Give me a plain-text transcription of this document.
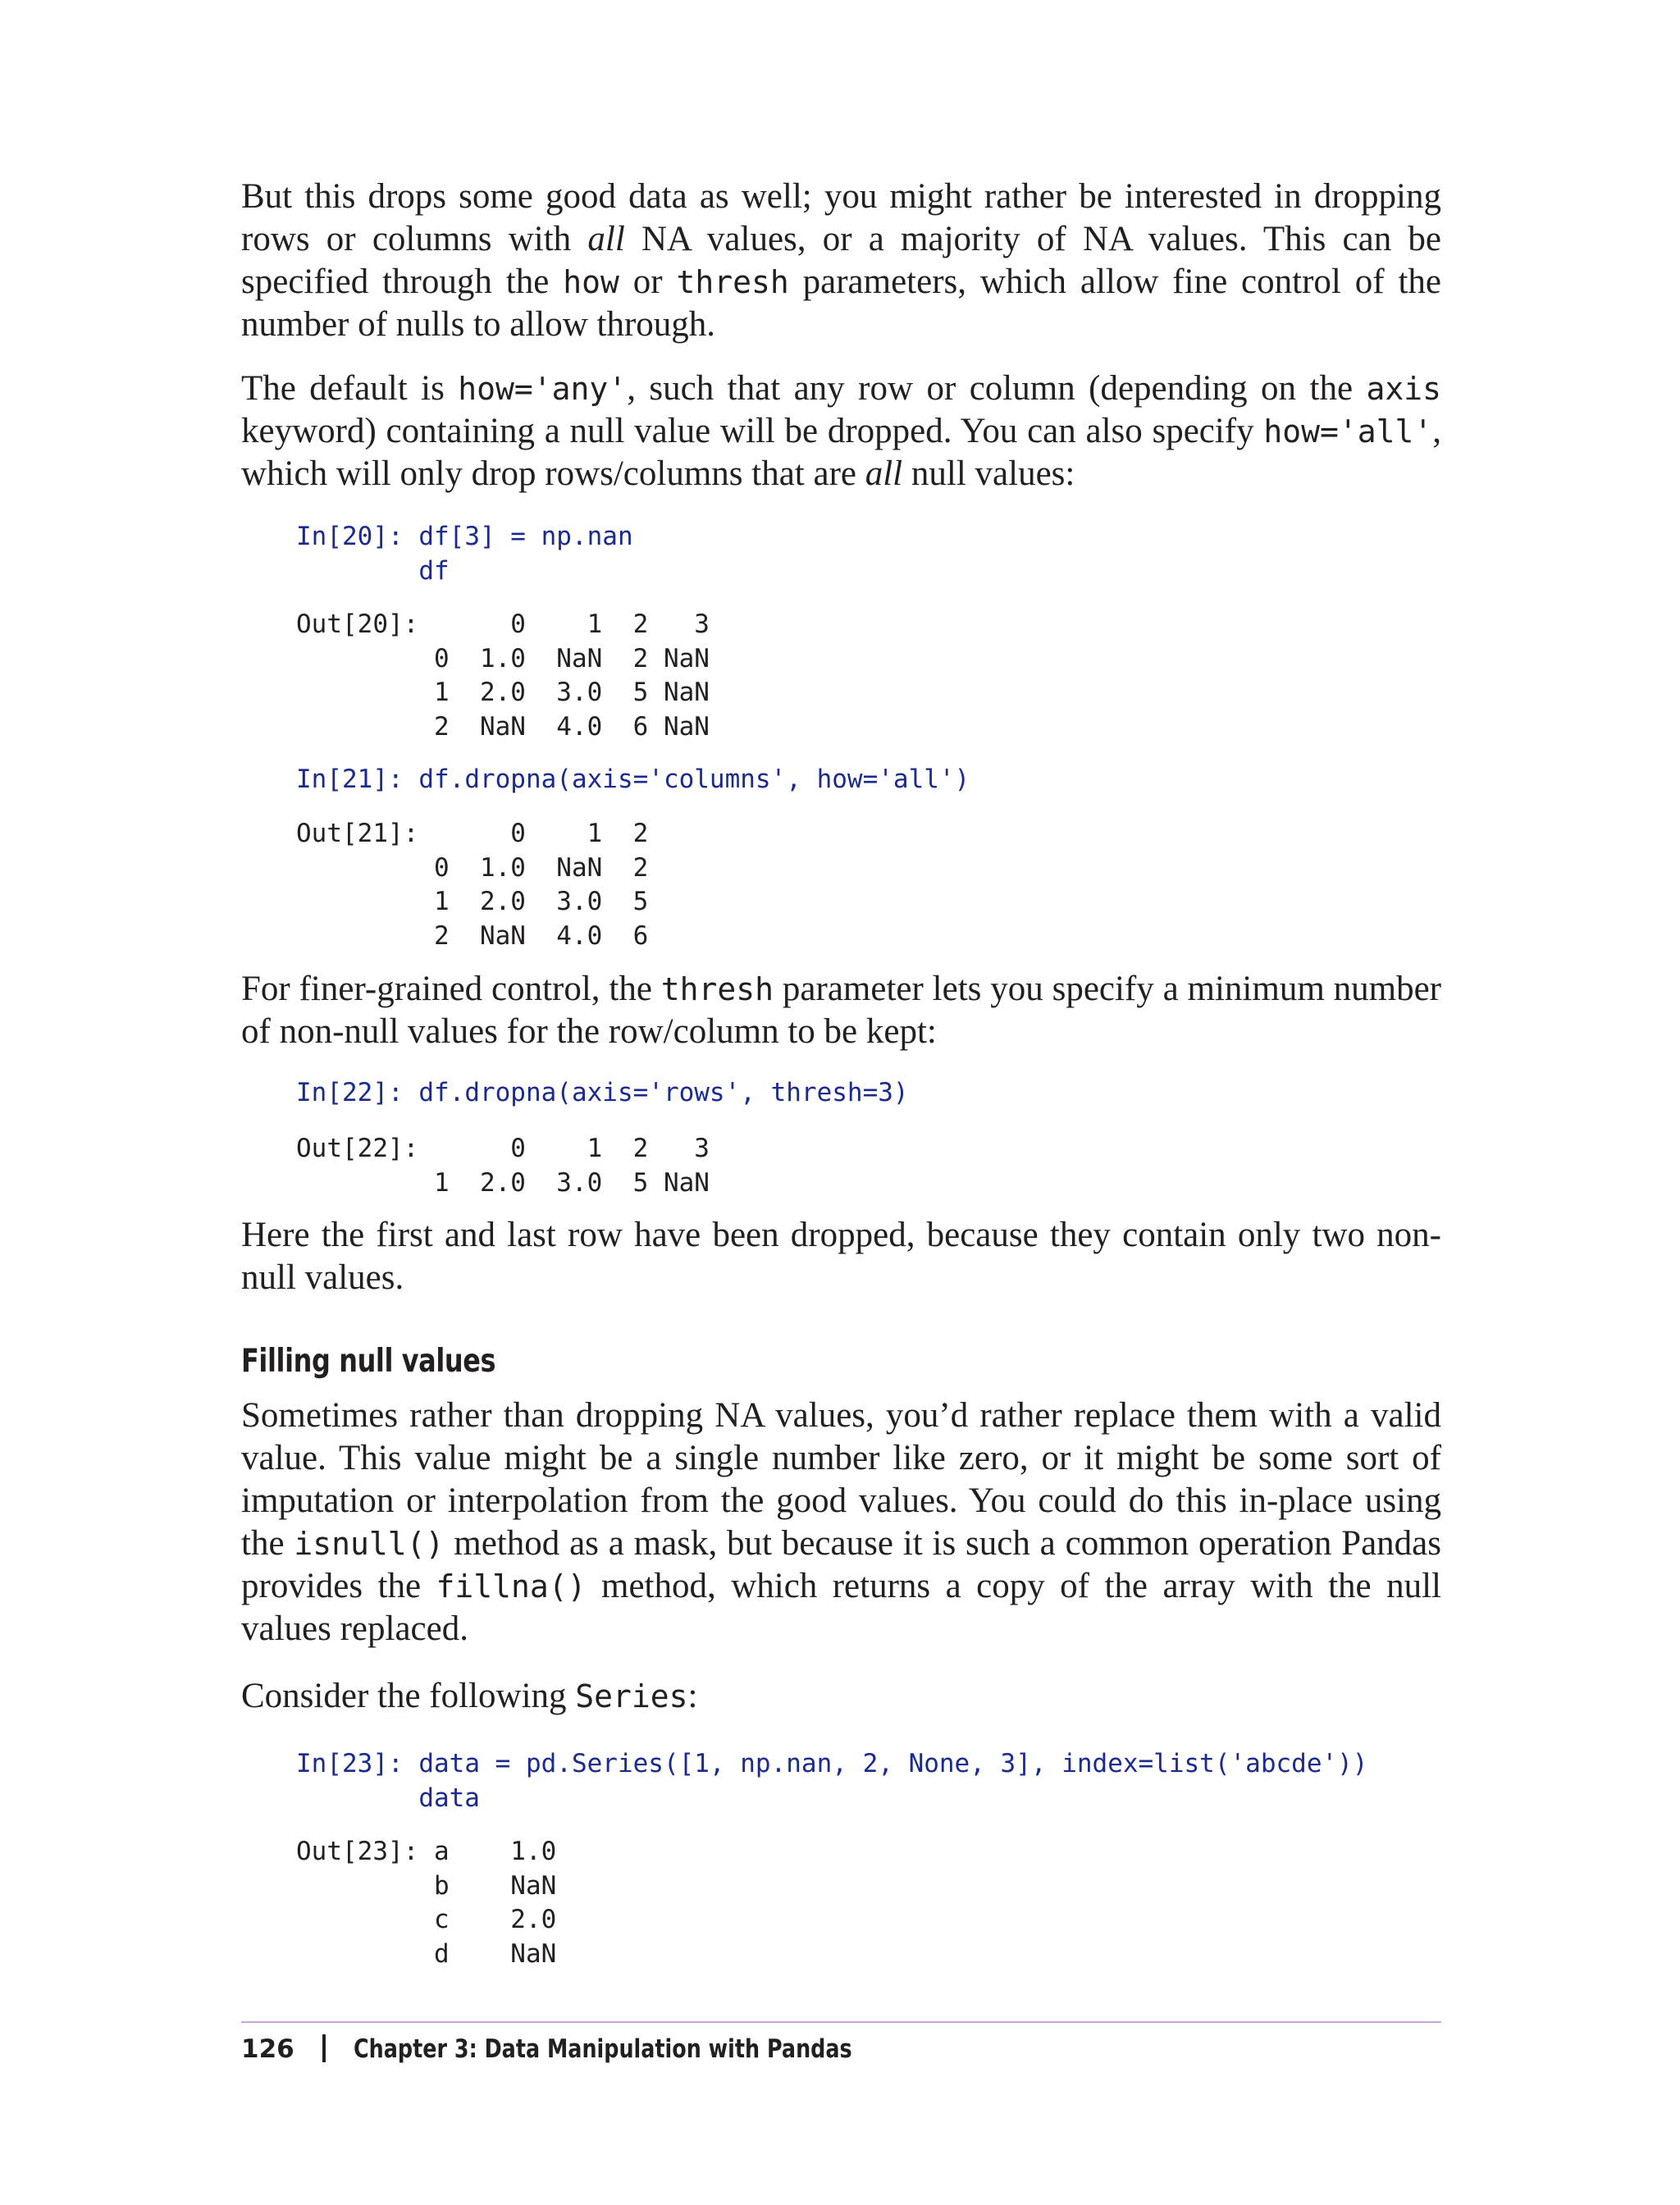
But this drops some good data as well; you might rather be interested in dropping rows or columns with all NA values, or a majority of NA values. This can be specified through the how or thresh parameters, which allow fine control of the number of nulls to allow through.

The default is how='any', such that any row or column (depending on the axis keyword) containing a null value will be dropped. You can also specify how='all', which will only drop rows/columns that are all null values:

In[20]: df[3] = np.nan
df
Out[20]:      0    1  2   3
0  1.0  NaN  2 NaN
1  2.0  3.0  5 NaN
2  NaN  4.0  6 NaN
In[21]: df.dropna(axis='columns', how='all')
Out[21]:      0    1  2
0  1.0  NaN  2
1  2.0  3.0  5
2  NaN  4.0  6

For finer-grained control, the thresh parameter lets you specify a minimum number of non-null values for the row/column to be kept:

In[22]: df.dropna(axis='rows', thresh=3)
Out[22]:      0    1  2   3
1  2.0  3.0  5 NaN

Here the first and last row have been dropped, because they contain only two nonnull values.

Filling null values

Sometimes rather than dropping NA values, you’d rather replace them with a valid value. This value might be a single number like zero, or it might be some sort of imputation or interpolation from the good values. You could do this in-place using the isnull() method as a mask, but because it is such a common operation Pandas provides the fillna() method, which returns a copy of the array with the null values replaced.

Consider the following Series:

In[23]: data = pd.Series([1, np.nan, 2, None, 3], index=list('abcde'))
data
Out[23]: a    1.0
b    NaN
c    2.0
d    NaN
126 Chapter 3: Data Manipulation with Pandas
